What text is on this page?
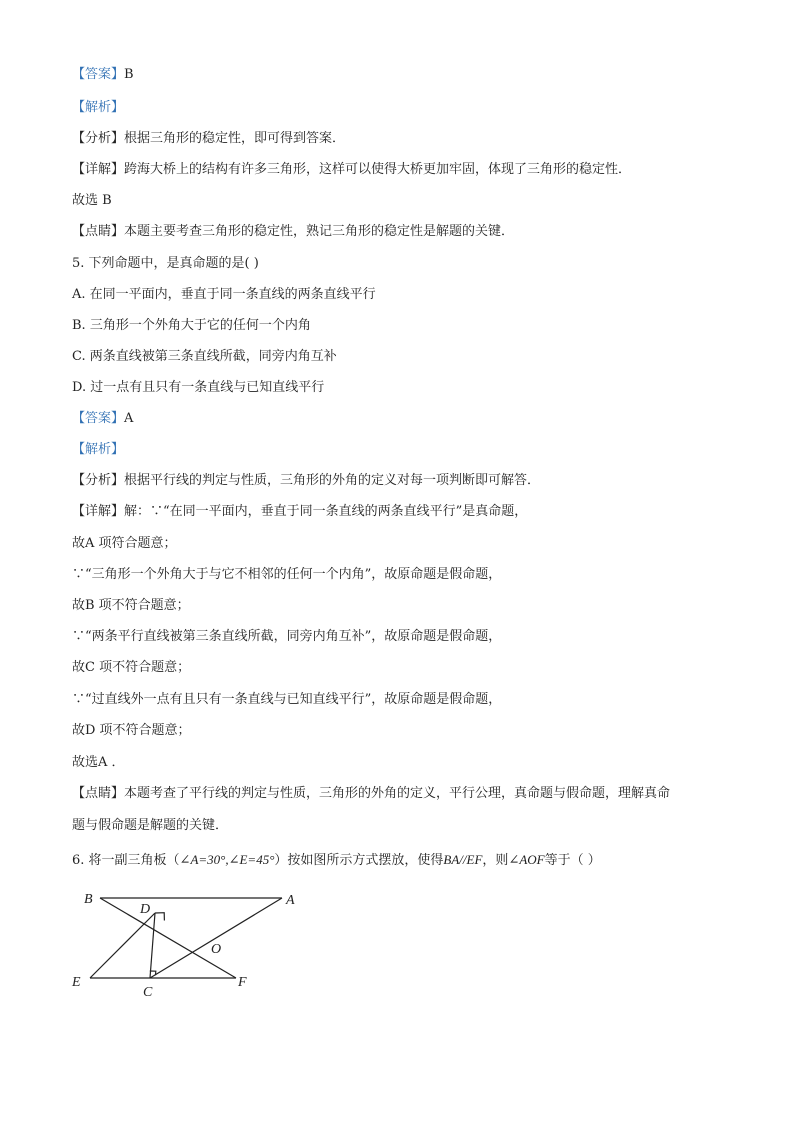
【答案】B
【解析】
【分析】根据三角形的稳定性，即可得到答案．
【详解】跨海大桥上的结构有许多三角形，这样可以使得大桥更加牢固，体现了三角形的稳定性．
故选 B
【点睛】本题主要考查三角形的稳定性，熟记三角形的稳定性是解题的关键．
5. 下列命题中，是真命题的是( )
A. 在同一平面内，垂直于同一条直线的两条直线平行
B. 三角形一个外角大于它的任何一个内角
C. 两条直线被第三条直线所截，同旁内角互补
D. 过一点有且只有一条直线与已知直线平行
【答案】A
【解析】
【分析】根据平行线的判定与性质，三角形的外角的定义对每一项判断即可解答．
【详解】解：∵“在同一平面内，垂直于同一条直线的两条直线平行”是真命题，
故A 项符合题意；
∵“三角形一个外角大于与它不相邻的任何一个内角”，故原命题是假命题，
故B 项不符合题意；
∵“两条平行直线被第三条直线所截，同旁内角互补”，故原命题是假命题，
故C 项不符合题意；
∵“过直线外一点有且只有一条直线与已知直线平行”，故原命题是假命题，
故D 项不符合题意；
故选A ．
【点睛】本题考查了平行线的判定与性质，三角形的外角的定义，平行公理，真命题与假命题，理解真命
题与假命题是解题的关键．
6. 将一副三角板（∠A=30°,∠E=45°）按如图所示方式摆放，使得BA//EF，则∠AOF等于（ ）
B	A
D
O
E
C
F
